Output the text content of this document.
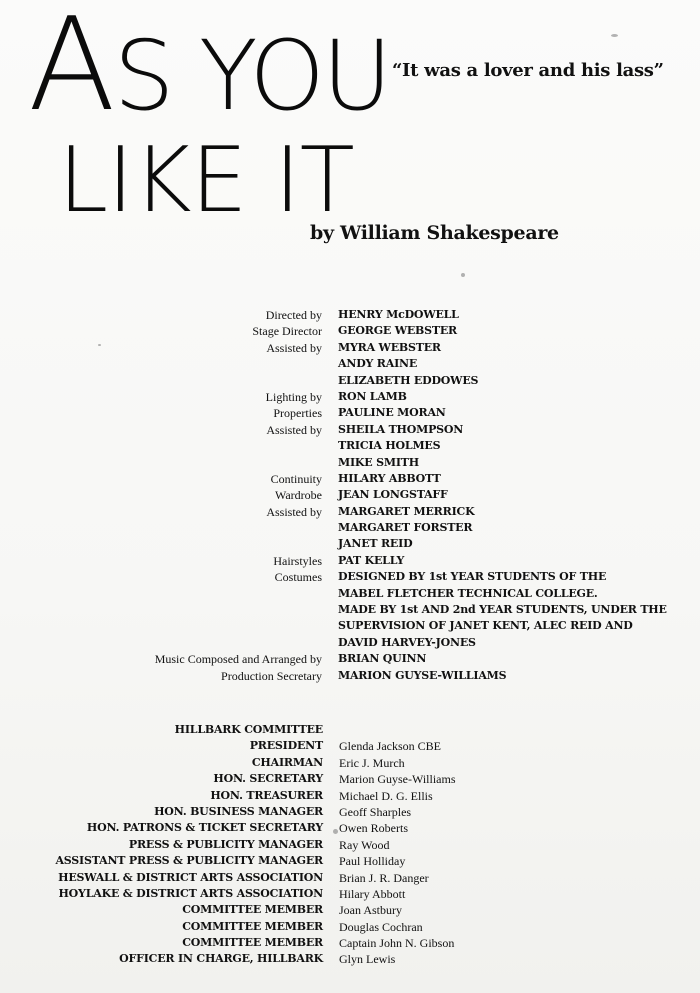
AS YOU
LIKE IT
“It was a lover and his lass”
by William Shakespeare
Directed by HENRY McDOWELL
Stage Director GEORGE WEBSTER
Assisted by MYRA WEBSTER
ANDY RAINE
ELIZABETH EDDOWES
Lighting by RON LAMB
Properties PAULINE MORAN
Assisted by SHEILA THOMPSON
TRICIA HOLMES
MIKE SMITH
Continuity HILARY ABBOTT
Wardrobe JEAN LONGSTAFF
Assisted by MARGARET MERRICK
MARGARET FORSTER
JANET REID
Hairstyles PAT KELLY
Costumes DESIGNED BY 1st YEAR STUDENTS OF THE
MABEL FLETCHER TECHNICAL COLLEGE.
MADE BY 1st AND 2nd YEAR STUDENTS, UNDER THE
SUPERVISION OF JANET KENT, ALEC REID AND
DAVID HARVEY-JONES
Music Composed and Arranged by BRIAN QUINN
Production Secretary MARION GUYSE-WILLIAMS
HILLBARK COMMITTEE
PRESIDENT Glenda Jackson CBE
CHAIRMAN Eric J. Murch
HON. SECRETARY Marion Guyse-Williams
HON. TREASURER Michael D. G. Ellis
HON. BUSINESS MANAGER Geoff Sharples
HON. PATRONS & TICKET SECRETARY Owen Roberts
PRESS & PUBLICITY MANAGER Ray Wood
ASSISTANT PRESS & PUBLICITY MANAGER Paul Holliday
HESWALL & DISTRICT ARTS ASSOCIATION Brian J. R. Danger
HOYLAKE & DISTRICT ARTS ASSOCIATION Hilary Abbott
COMMITTEE MEMBER Joan Astbury
COMMITTEE MEMBER Douglas Cochran
COMMITTEE MEMBER Captain John N. Gibson
OFFICER IN CHARGE, HILLBARK Glyn Lewis
